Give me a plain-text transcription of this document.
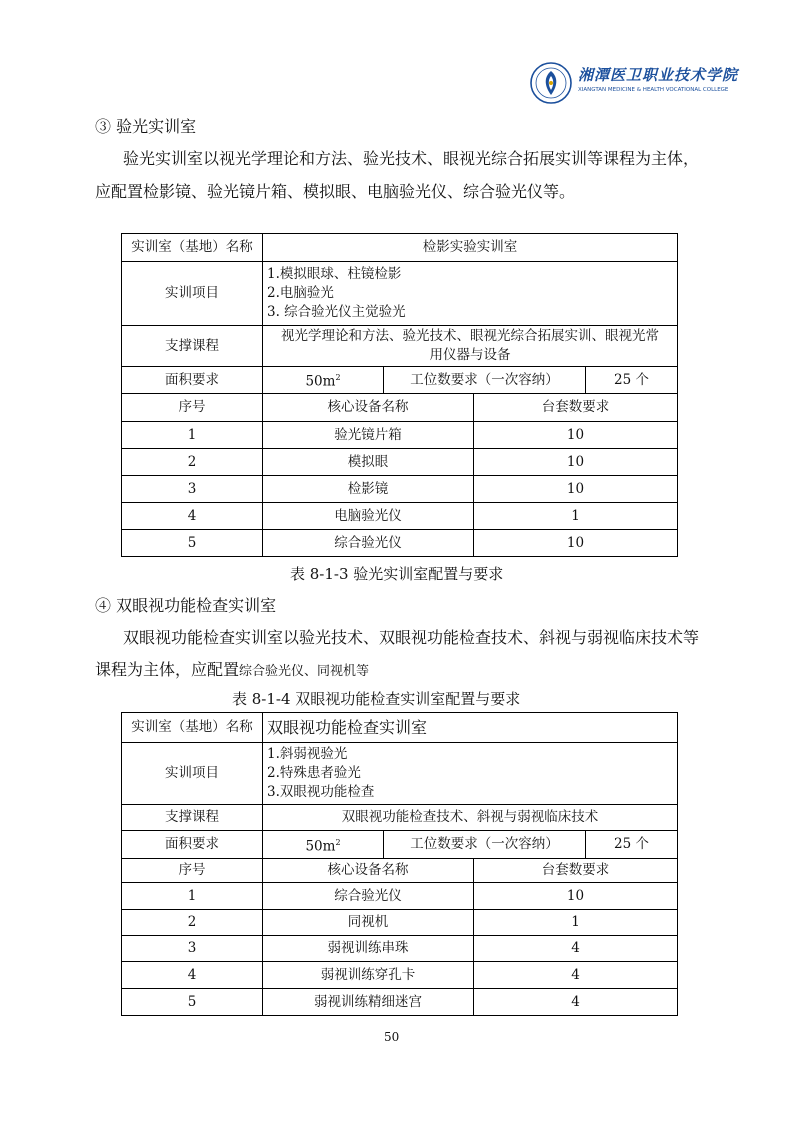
湘潭医卫职业技术学院
XIANGTAN MEDICINE & HEALTH VOCATIONAL COLLEGE
③ 验光实训室
验光实训室以视光学理论和方法、验光技术、眼视光综合拓展实训等课程为主体，
应配置检影镜、验光镜片箱、模拟眼、电脑验光仪、综合验光仪等。
实训室（基地）名称	检影实验实训室			
实训项目	1.模拟眼球、柱镜检影
2.电脑验光
3. 综合验光仪主觉验光			

支撑课程	视光学理论和方法、验光技术、眼视光综合拓展实训、眼视光常
用仪器与设备			

面积要求	$50m^2$	工位数要求（一次容纳）		25 个
序号	核心设备名称		台套数要求	
1	验光镜片箱		10	
2	模拟眼		10	
3	检影镜		10	
4	电脑验光仪		1	
5	综合验光仪		10	
表 8-1-3 验光实训室配置与要求
④ 双眼视功能检查实训室
双眼视功能检查实训室以验光技术、双眼视功能检查技术、斜视与弱视临床技术等
课程为主体，应配置综合验光仪、同视机等
表 8-1-4 双眼视功能检查实训室配置与要求
实训室（基地）名称	双眼视功能检查实训室			
实训项目	1.斜弱视验光
2.特殊患者验光
3.双眼视功能检查			

支撑课程	双眼视功能检查技术、斜视与弱视临床技术			
面积要求	$50m^2$	工位数要求（一次容纳）		25 个
序号	核心设备名称		台套数要求	
1	综合验光仪		10	
2	同视机		1	
3	弱视训练串珠		4	
4	弱视训练穿孔卡		4	
5	弱视训练精细迷宫		4	
50
